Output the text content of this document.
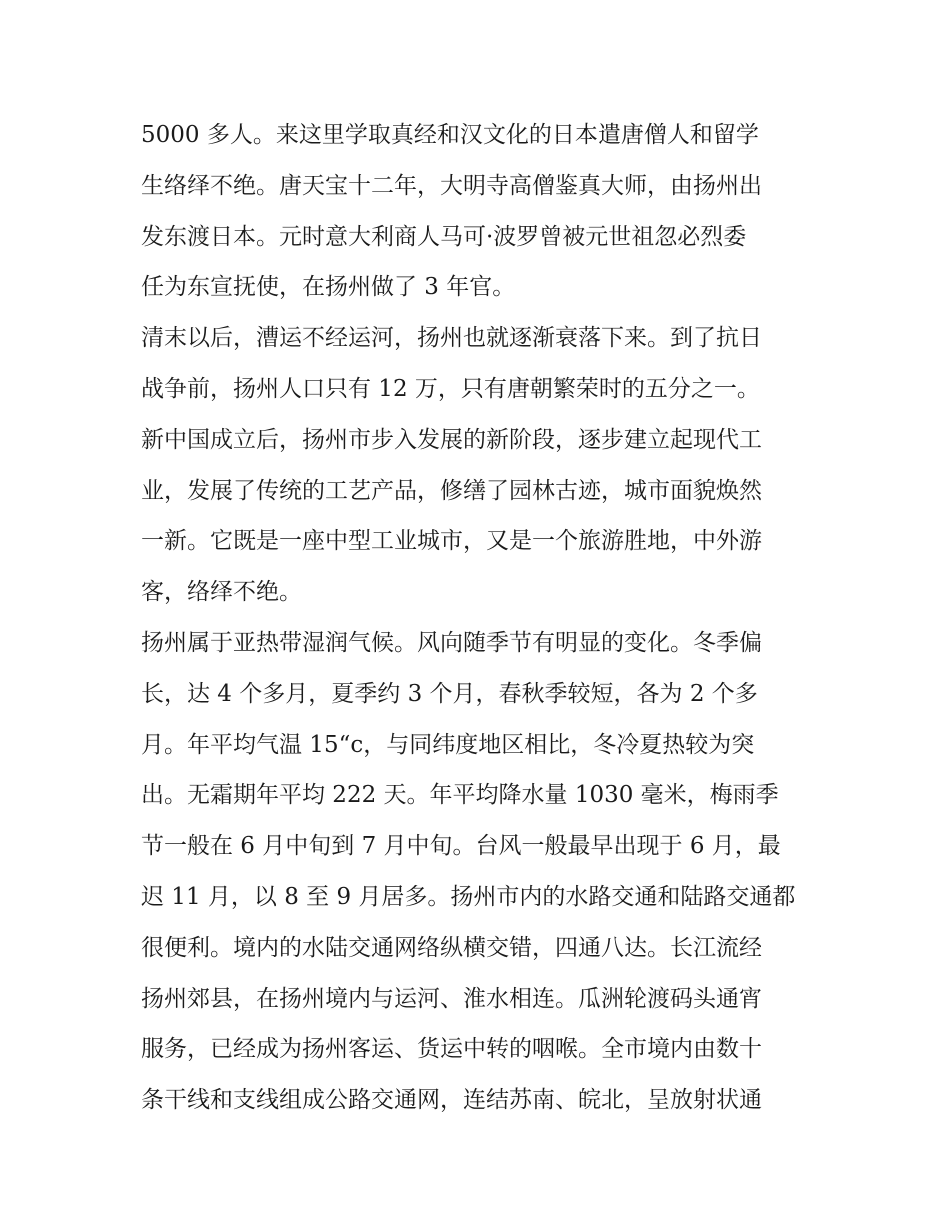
5000 多人。来这里学取真经和汉文化的日本遣唐僧人和留学
生络绎不绝。唐天宝十二年，大明寺高僧鉴真大师，由扬州出
发东渡日本。元时意大利商人马可·波罗曾被元世祖忽必烈委
任为东宣抚使，在扬州做了 3 年官。
清末以后，漕运不经运河，扬州也就逐渐衰落下来。到了抗日
战争前，扬州人口只有 12 万，只有唐朝繁荣时的五分之一。
新中国成立后，扬州市步入发展的新阶段，逐步建立起现代工
业，发展了传统的工艺产品，修缮了园林古迹，城市面貌焕然
一新。它既是一座中型工业城市，又是一个旅游胜地，中外游
客，络绎不绝。
扬州属于亚热带湿润气候。风向随季节有明显的变化。冬季偏
长，达 4 个多月，夏季约 3 个月，春秋季较短，各为 2 个多
月。年平均气温 15“c，与同纬度地区相比，冬冷夏热较为突
出。无霜期年平均 222 天。年平均降水量 1030 毫米，梅雨季
节一般在 6 月中旬到 7 月中旬。台风一般最早出现于 6 月，最
迟 11 月，以 8 至 9 月居多。扬州市内的水路交通和陆路交通都
很便利。境内的水陆交通网络纵横交错，四通八达。长江流经
扬州郊县，在扬州境内与运河、淮水相连。瓜洲轮渡码头通宵
服务，已经成为扬州客运、货运中转的咽喉。全市境内由数十
条干线和支线组成公路交通网，连结苏南、皖北，呈放射状通
